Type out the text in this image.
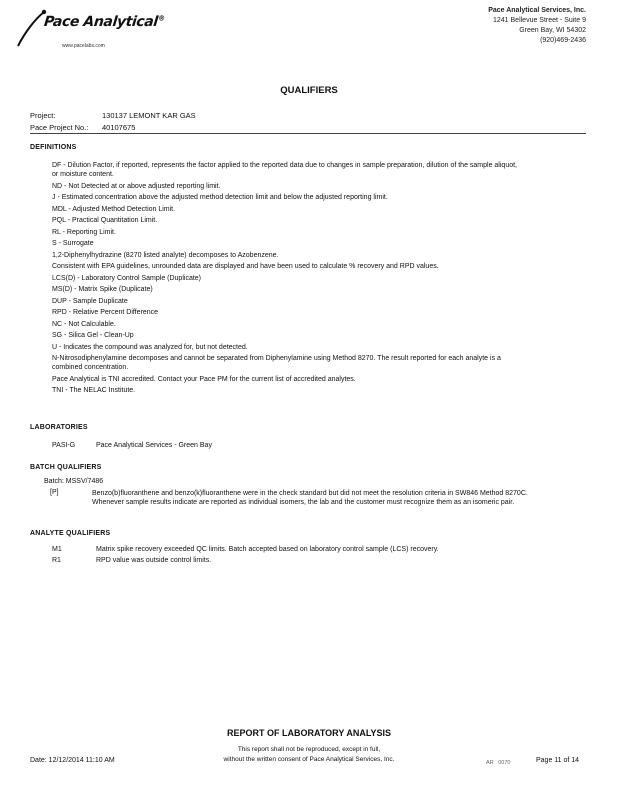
Pace Analytical®
www.pacelabs.com
Pace Analytical Services, Inc.
1241 Bellevue Street - Suite 9
Green Bay, WI 54302
(920)469-2436
QUALIFIERS
Project:	130137 LEMONT KAR GAS
Pace Project No.: 40107675
DEFINITIONS
DF - Dilution Factor, if reported, represents the factor applied to the reported data due to changes in sample preparation, dilution of the sample aliquot, or moisture content.
ND - Not Detected at or above adjusted reporting limit.
J - Estimated concentration above the adjusted method detection limit and below the adjusted reporting limit.
MDL - Adjusted Method Detection Limit.
PQL - Practical Quantitation Limit.
RL - Reporting Limit.
S - Surrogate
1,2-Diphenylhydrazine (8270 listed analyte) decomposes to Azobenzene.
Consistent with EPA guidelines, unrounded data are displayed and have been used to calculate % recovery and RPD values.
LCS(D) - Laboratory Control Sample (Duplicate)
MS(D) - Matrix Spike (Duplicate)
DUP - Sample Duplicate
RPD - Relative Percent Difference
NC - Not Calculable.
SG - Silica Gel - Clean-Up
U - Indicates the compound was analyzed for, but not detected.
N-Nitrosodiphenylamine decomposes and cannot be separated from Diphenylamine using Method 8270. The result reported for each analyte is a combined concentration.
Pace Analytical is TNI accredited. Contact your Pace PM for the current list of accredited analytes.
TNI - The NELAC Institute.
LABORATORIES
PASI-G	Pace Analytical Services - Green Bay
BATCH QUALIFIERS
Batch: MSSV/7486
[P]	Benzo(b)fluoranthene and benzo(k)fluoranthene were in the check standard but did not meet the resolution criteria in SW846 Method 8270C. Whenever sample results indicate are reported as individual isomers, the lab and the customer must recognize them as an isomeric pair.
ANALYTE QUALIFIERS
M1	Matrix spike recovery exceeded QC limits. Batch accepted based on laboratory control sample (LCS) recovery.
R1	RPD value was outside control limits.
REPORT OF LABORATORY ANALYSIS
This report shall not be reproduced, except in full,
without the written consent of Pace Analytical Services, Inc.
Date: 12/12/2014 11:10 AM	AR 0070	Page 11 of 14
